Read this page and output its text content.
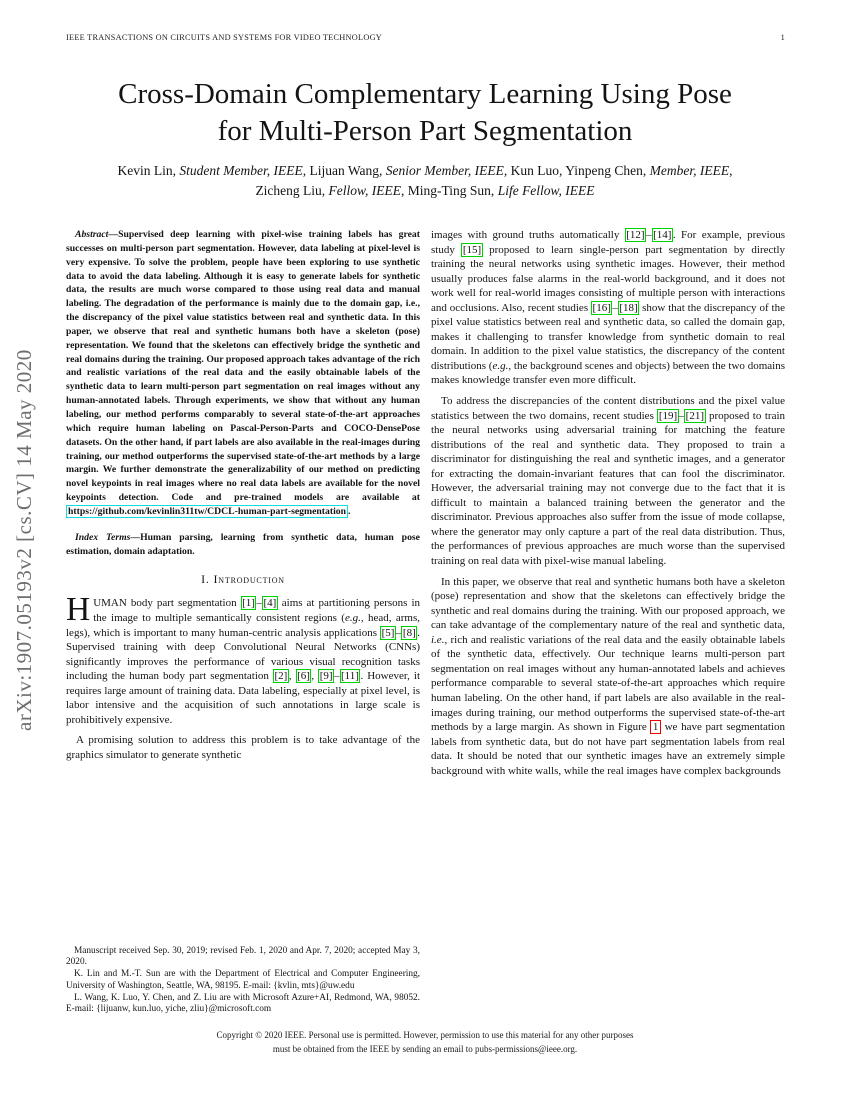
IEEE TRANSACTIONS ON CIRCUITS AND SYSTEMS FOR VIDEO TECHNOLOGY	1
arXiv:1907.05193v2 [cs.CV] 14 May 2020
Cross-Domain Complementary Learning Using Pose for Multi-Person Part Segmentation
Kevin Lin, Student Member, IEEE, Lijuan Wang, Senior Member, IEEE, Kun Luo, Yinpeng Chen, Member, IEEE,
Zicheng Liu, Fellow, IEEE, Ming-Ting Sun, Life Fellow, IEEE

Abstract—Supervised deep learning with pixel-wise training labels has great successes on multi-person part segmentation. However, data labeling at pixel-level is very expensive. To solve the problem, people have been exploring to use synthetic data to avoid the data labeling. Although it is easy to generate labels for synthetic data, the results are much worse compared to those using real data and manual labeling. The degradation of the performance is mainly due to the domain gap, i.e., the discrepancy of the pixel value statistics between real and synthetic data. In this paper, we observe that real and synthetic humans both have a skeleton (pose) representation. We found that the skeletons can effectively bridge the synthetic and real domains during the training. Our proposed approach takes advantage of the rich and realistic variations of the real data and the easily obtainable labels of the synthetic data to learn multi-person part segmentation on real images without any human-annotated labels. Through experiments, we show that without any human labeling, our method performs comparably to several state-of-the-art approaches which require human labeling on Pascal-Person-Parts and COCO-DensePose datasets. On the other hand, if part labels are also available in the real-images during training, our method outperforms the supervised state-of-the-art methods by a large margin. We further demonstrate the generalizability of our method on predicting novel keypoints in real images where no real data labels are available for the novel keypoints detection. Code and pre-trained models are available at https://github.com/kevinlin311tw/CDCL-human-part-segmentation .

Index Terms—Human parsing, learning from synthetic data, human pose estimation, domain adaptation.

I. Introduction

HUMAN body part segmentation [1] – [4] aims at partitioning persons in the image to multiple semantically consistent regions (e.g., head, arms, legs), which is important to many human-centric analysis applications [5] – [8] . Supervised training with deep Convolutional Neural Networks (CNNs) significantly improves the performance of various visual recognition tasks including the human body part segmentation [2] , [6] , [9] – [11] . However, it requires large amount of training data. Data labeling, especially at pixel level, is labor intensive and the acquisition of such annotations in large scale is prohibitively expensive.

A promising solution to address this problem is to take advantage of the graphics simulator to generate synthetic

Manuscript received Sep. 30, 2019; revised Feb. 1, 2020 and Apr. 7, 2020; accepted May 3, 2020.

K. Lin and M.-T. Sun are with the Department of Electrical and Computer Engineering, University of Washington, Seattle, WA, 98195. E-mail: {kvlin, mts}@uw.edu

L. Wang, K. Luo, Y. Chen, and Z. Liu are with Microsoft Azure+AI, Redmond, WA, 98052. E-mail: {lijuanw, kun.luo, yiche, zliu}@microsoft.com

images with ground truths automatically [12] – [14] . For example, previous study [15] proposed to learn single-person part segmentation by directly training the neural networks using synthetic images. However, their method usually produces false alarms in the real-world background, and it does not work well for real-world images consisting of multiple person with interactions and occlusions. Also, recent studies [16] – [18] show that the discrepancy of the pixel value statistics between real and synthetic data, so called the domain gap, makes it challenging to transfer knowledge from synthetic domain to real domain. In addition to the pixel value statistics, the discrepancy of the content distributions (e.g., the background scenes and objects) between the two domains makes knowledge transfer even more difficult.

To address the discrepancies of the content distributions and the pixel value statistics between the two domains, recent studies [19] – [21] proposed to train the neural networks using adversarial training for matching the feature distributions of the real and synthetic data. They proposed to train a discriminator for distinguishing the real and synthetic images, and a generator for extracting the domain-invariant features that can fool the discriminator. However, the adversarial training may not converge due to the fact that it is difficult to maintain a balanced training between the generator and the discriminator. Previous approaches also suffer from the issue of mode collapse, where the generator may only capture a part of the real data distribution. Thus, the performances of previous approaches are much worse than the supervised training on real data with pixel-wise manual labeling.

In this paper, we observe that real and synthetic humans both have a skeleton (pose) representation and show that the skeletons can effectively bridge the synthetic and real domains during the training. With our proposed approach, we can take advantage of the complementary nature of the real and synthetic data, i.e., rich and realistic variations of the real data and the easily obtainable labels of the synthetic data, effectively. Our technique learns multi-person part segmentation on real images without any human-annotated labels and achieves performance comparable to several state-of-the-art approaches which require human labeling. On the other hand, if part labels are also available in the real-images during training, our method outperforms the supervised state-of-the-art methods by a large margin. As shown in Figure 1 we have part segmentation labels from synthetic data, but do not have part segmentation labels from real data. It should be noted that our synthetic images have an extremely simple background with white walls, while the real images have complex backgrounds

Copyright © 2020 IEEE. Personal use is permitted. However, permission to use this material for any other purposes
must be obtained from the IEEE by sending an email to pubs-permissions@ieee.org.
